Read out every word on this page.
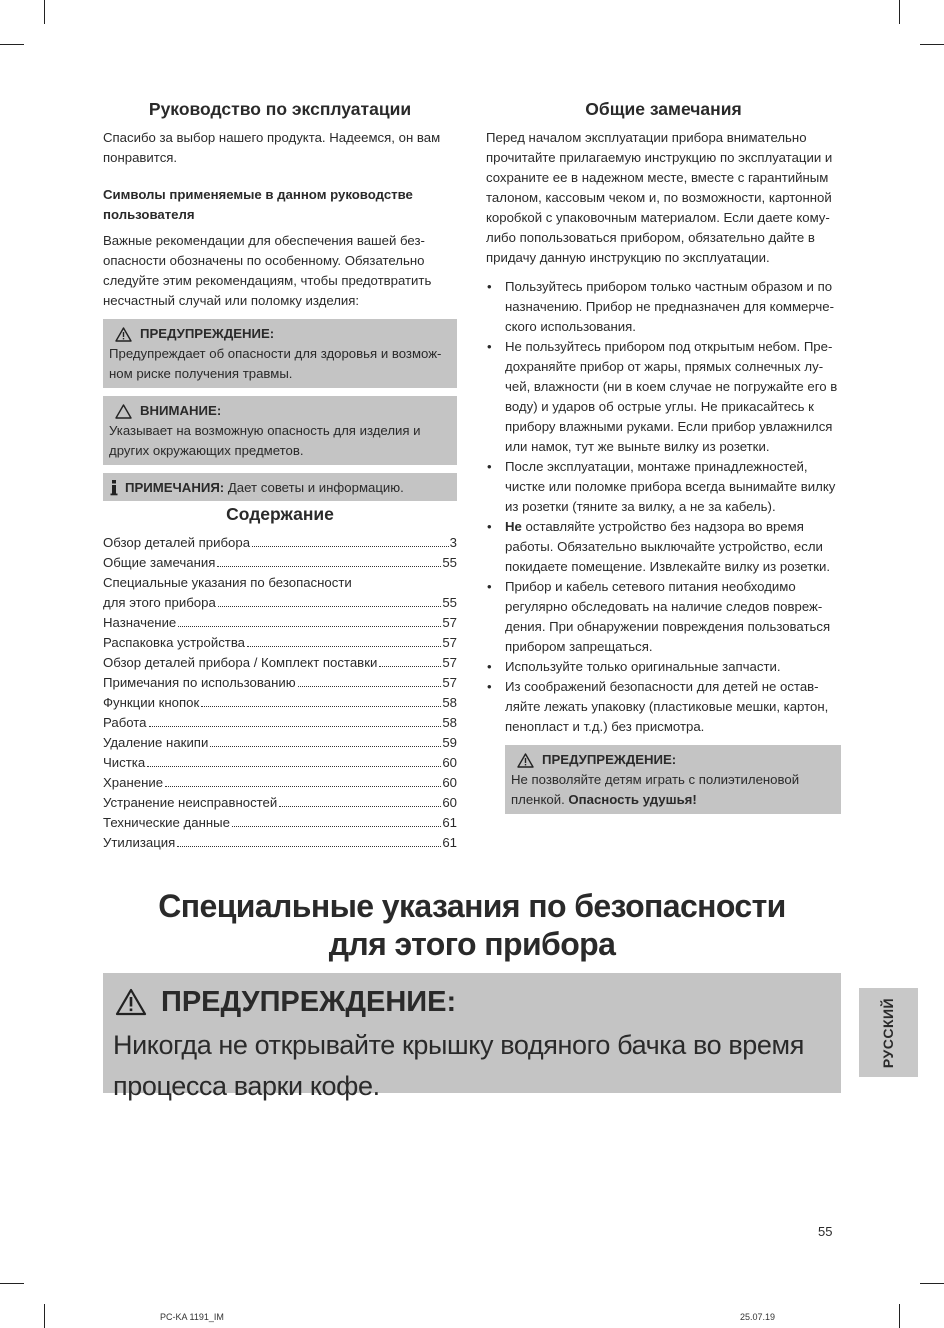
Руководство по эксплуатации

Спасибо за выбор нашего продукта. Надеемся, он вам понравится.

Символы применяемые в данном руководстве пользователя

Важные рекомендации для обеспечения вашей безопасности обозначены по особенному. Обязательно следуйте этим рекомендациям, чтобы предотвратить несчастный случай или поломку изделия:

ПРЕДУПРЕЖДЕНИЕ:
Предупреждает об опасности для здоровья и возможном риске получения травмы.
ВНИМАНИЕ:
Указывает на возможную опасность для изделия и других окружающих предметов.
ПРИМЕЧАНИЯ: Дает советы и информацию.
Содержание
Обзор деталей прибора	3
Общие замечания	55
Специальные указания по безопасности
для этого прибора	55
Назначение	57
Распаковка устройства	57
Обзор деталей прибора / Комплект поставки	57
Примечания по использованию	57
Функции кнопок	58
Работа	58
Удаление накипи	59
Чистка	60
Хранение	60
Устранение неисправностей	60
Технические данные	61
Утилизация	61
Общие замечания

Перед началом эксплуатации прибора внимательно прочитайте прилагаемую инструкцию по эксплуатации и сохраните ее в надежном месте, вместе с гарантийным талоном, кассовым чеком и, по возможности, картонной коробкой с упаковочным материалом. Если даете кому-либо попользоваться прибором, обязательно дайте в придачу данную инструкцию по эксплуатации.

• Пользуйтесь прибором только частным образом и по назначению. Прибор не предназначен для коммерческого использования.
• Не пользуйтесь прибором под открытым небом. Предохраняйте прибор от жары, прямых солнечных лучей, влажности (ни в коем случае не погружайте его в воду) и ударов об острые углы. Не прикасайтесь к прибору влажными руками. Если прибор увлажнился или намок, тут же выньте вилку из розетки.
• После эксплуатации, монтаже принадлежностей, чистке или поломке прибора всегда вынимайте вилку из розетки (тяните за вилку, а не за кабель).
• Не оставляйте устройство без надзора во время работы. Обязательно выключайте устройство, если покидаете помещение. Извлекайте вилку из розетки.
• Прибор и кабель сетевого питания необходимо регулярно обследовать на наличие следов повреждения. При обнаружении повреждения пользоваться прибором запрещаться.
• Используйте только оригинальные запчасти.
• Из соображений безопасности для детей не оставляйте лежать упаковку (пластиковые мешки, картон, пенопласт и т.д.) без присмотра.
ПРЕДУПРЕЖДЕНИЕ:
Не позволяйте детям играть с полиэтиленовой пленкой. Опасность удушья!
Специальные указания по безопасности
для этого прибора
ПРЕДУПРЕЖДЕНИЕ:
Никогда не открывайте крышку водяного бачка во время процесса варки кофе.
РУССКИЙ
55
PC-KA 1191_IM	25.07.19
